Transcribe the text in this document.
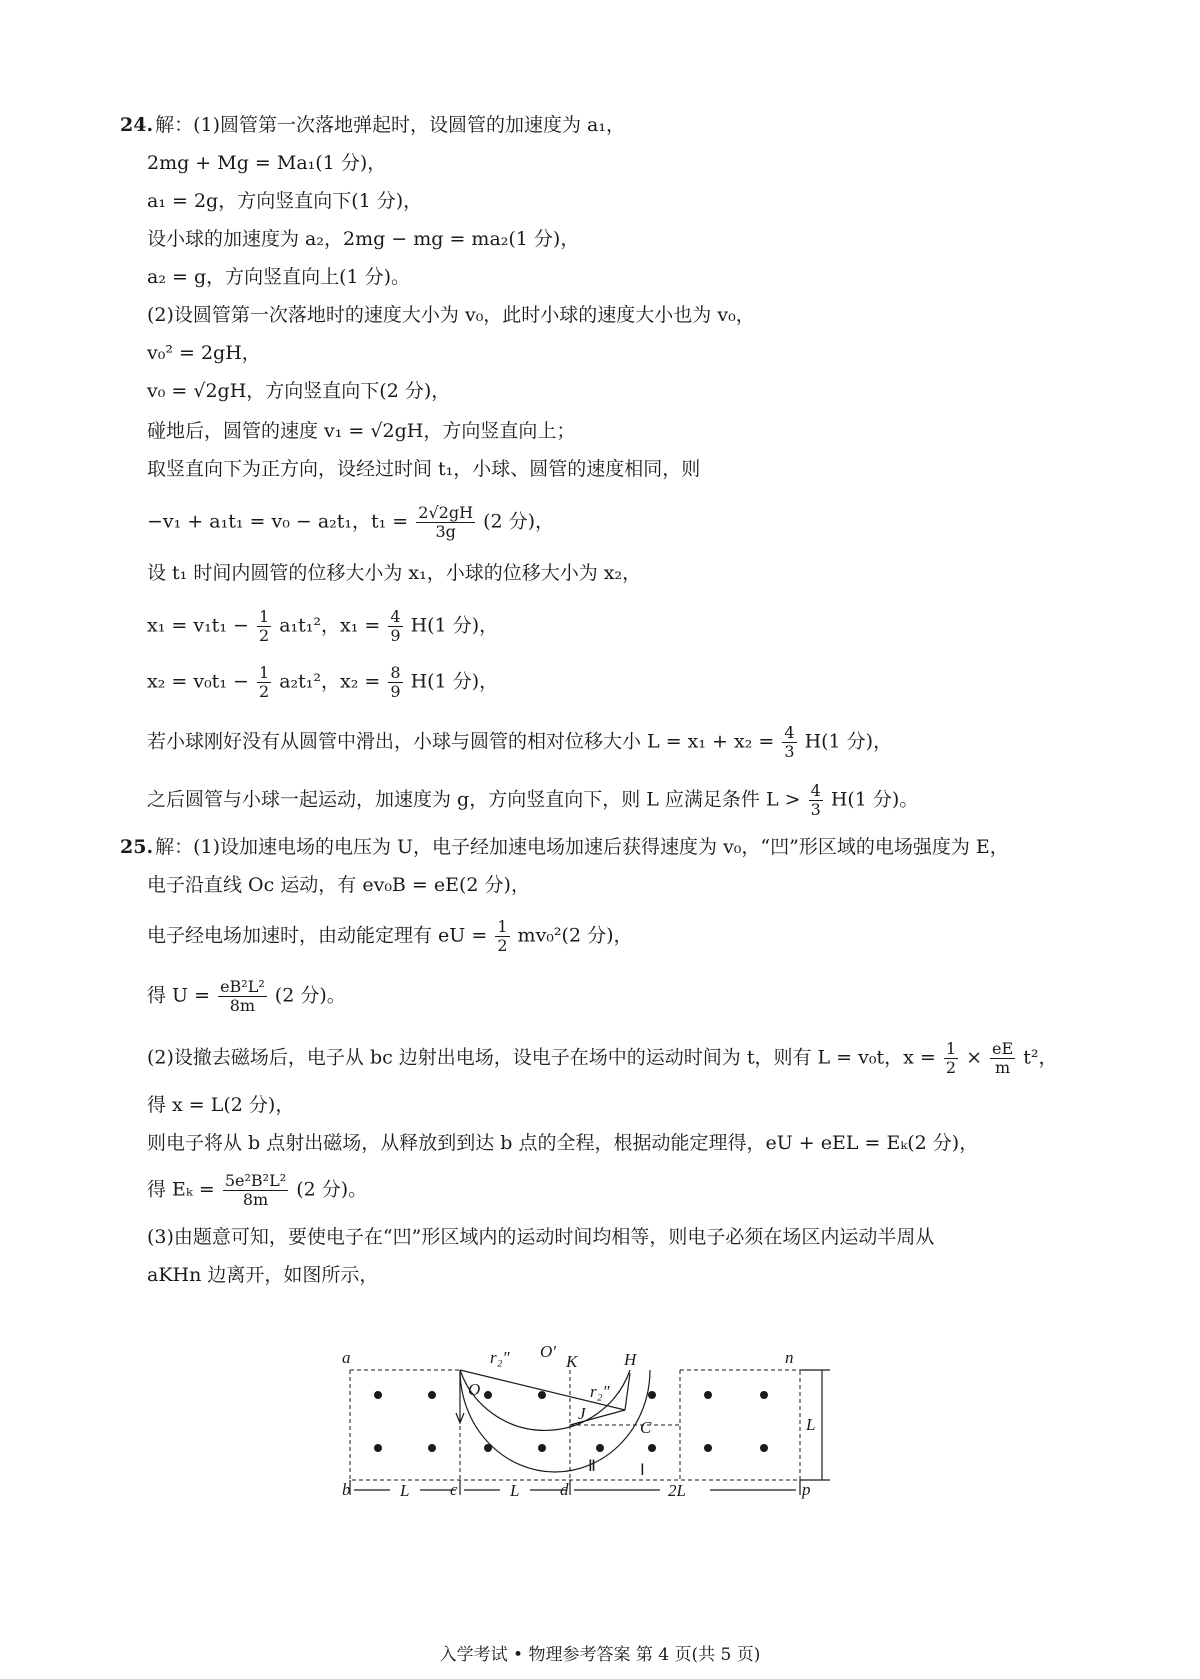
24. 解：(1)圆管第一次落地弹起时，设圆管的加速度为 a₁，
2mg + Mg = Ma₁(1 分)，
a₁ = 2g，方向竖直向下(1 分)，
设小球的加速度为 a₂，2mg − mg = ma₂(1 分)，
a₂ = g，方向竖直向上(1 分)。
(2)设圆管第一次落地时的速度大小为 v₀，此时小球的速度大小也为 v₀，
v₀² = 2gH，
v₀ = √2gH，方向竖直向下(2 分)，
碰地后，圆管的速度 v₁ = √2gH，方向竖直向上；
取竖直向下为正方向，设经过时间 t₁，小球、圆管的速度相同，则
−v₁ + a₁t₁ = v₀ − a₂t₁，$t_1 = \frac{2√2gH}{3g} (2$ 分)，
设 t₁ 时间内圆管的位移大小为 x₁，小球的位移大小为 x₂，
$x_1 = v_1t_1 - \frac{1}{2} a_1t_1^2$，$x_1 = \frac{4}{9} H(1$ 分)，
$x_2 = v_0t_1 - \frac{1}{2} a_2t_1^2$，$x_2 = \frac{8}{9} H(1$ 分)，
若小球刚好没有从圆管中滑出，小球与圆管的相对位移大小 $L = x_1 + x_2 = \frac{4}{3} H(1$ 分)，
之后圆管与小球一起运动，加速度为 g，方向竖直向下，则 L 应满足条件 $L > \frac{4}{3} H(1$ 分)。
25. 解：(1)设加速电场的电压为 U，电子经加速电场加速后获得速度为 v₀，“凹”形区域的电场强度为 E，
电子沿直线 Oc 运动，有 ev₀B = eE(2 分)，
电子经电场加速时，由动能定理有 eU = $\frac{1}{2} mv_0^2(2$ 分)，
得 $U = \frac{\text{eB²L²}}{8m} (2$ 分)。
(2)设撤去磁场后，电子从 bc 边射出电场，设电子在场中的运动时间为 t，则有 L = v₀t，$x = \frac{1}{2} \times \frac{eE}{m} t^2$，
得 x = L(2 分)，
则电子将从 b 点射出磁场，从释放到到达 b 点的全程，根据动能定理得，eU + eEL = Eₖ(2 分)，
得 $E_k = \frac{\text{5e²B²L²}}{8m} (2$ 分)。
(3)由题意可知，要使电子在“凹”形区域内的运动时间均相等，则电子必须在场区内运动半周从
aKHn 边离开，如图所示，
a	n
b	c	d	p
O
O′
K	H
J
C
r₂″
r₂″
L
L	L	2L
Ⅰ
Ⅱ
入学考试 • 物理参考答案 第 4 页(共 5 页)
